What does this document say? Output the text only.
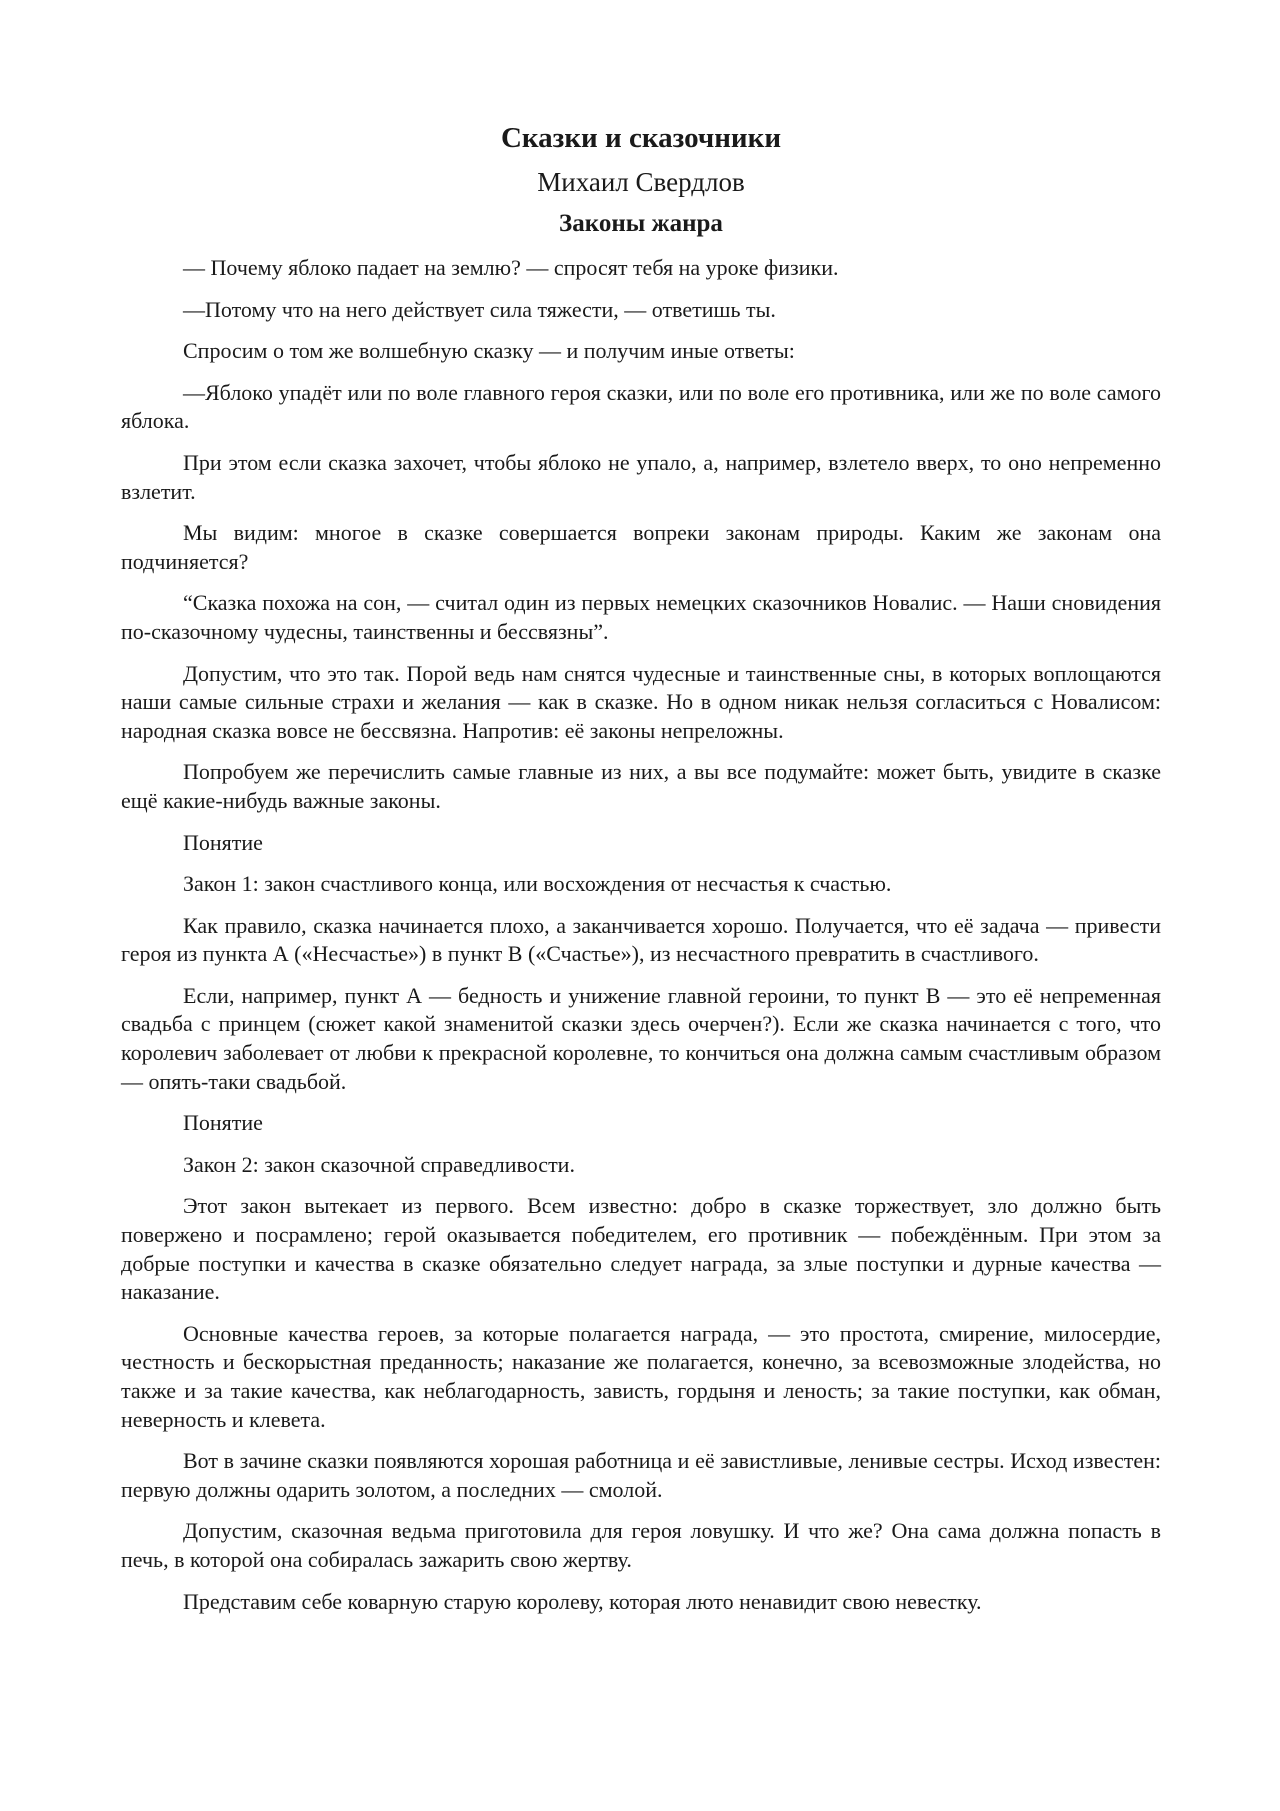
Сказки и сказочники
Михаил Свердлов
Законы жанра

— Почему яблоко падает на землю? — спросят тебя на уроке физики.

—Потому что на него действует сила тяжести, — ответишь ты.

Спросим о том же волшебную сказку — и получим иные ответы:

—Яблоко упадёт или по воле главного героя сказки, или по воле его противника, или же по воле самого яблока.

При этом если сказка захочет, чтобы яблоко не упало, а, например, взлетело вверх, то оно непременно взлетит.

Мы видим: многое в сказке совершается вопреки законам природы. Каким же законам она подчиняется?

“Сказка похожа на сон, — считал один из первых немецких сказочников Новалис. — Наши сновидения по-сказочному чудесны, таинственны и бессвязны”.

Допустим, что это так. Порой ведь нам снятся чудесные и таинственные сны, в которых воплощаются наши самые сильные страхи и желания — как в сказке. Но в одном никак нельзя согласиться с Новалисом: народная сказка вовсе не бессвязна. Напротив: её законы непреложны.

Попробуем же перечислить самые главные из них, а вы все подумайте: может быть, увидите в сказке ещё какие-нибудь важные законы.

Понятие

Закон 1: закон счастливого конца, или восхождения от несчастья к счастью.

Как правило, сказка начинается плохо, а заканчивается хорошо. Получается, что её задача — привести героя из пункта А («Несчастье») в пункт В («Счастье»), из несчастного превратить в счастливого.

Если, например, пункт А — бедность и унижение главной героини, то пункт В — это её непременная свадьба с принцем (сюжет какой знаменитой сказки здесь очерчен?). Если же сказка начинается с того, что королевич заболевает от любви к прекрасной королевне, то кончиться она должна самым счастливым образом — опять-таки свадьбой.

Понятие

Закон 2: закон сказочной справедливости.

Этот закон вытекает из первого. Всем известно: добро в сказке торжествует, зло должно быть повержено и посрамлено; герой оказывается победителем, его противник — побеждённым. При этом за добрые поступки и качества в сказке обязательно следует награда, за злые поступки и дурные качества — наказание.

Основные качества героев, за которые полагается награда, — это простота, смирение, милосердие, честность и бескорыстная преданность; наказание же полагается, конечно, за всевозможные злодейства, но также и за такие качества, как неблагодарность, зависть, гордыня и леность; за такие поступки, как обман, неверность и клевета.

Вот в зачине сказки появляются хорошая работница и её завистливые, ленивые сестры. Исход известен: первую должны одарить золотом, а последних — смолой.

Допустим, сказочная ведьма приготовила для героя ловушку. И что же? Она сама должна попасть в печь, в которой она собиралась зажарить свою жертву.

Представим себе коварную старую королеву, которая люто ненавидит свою невестку.
